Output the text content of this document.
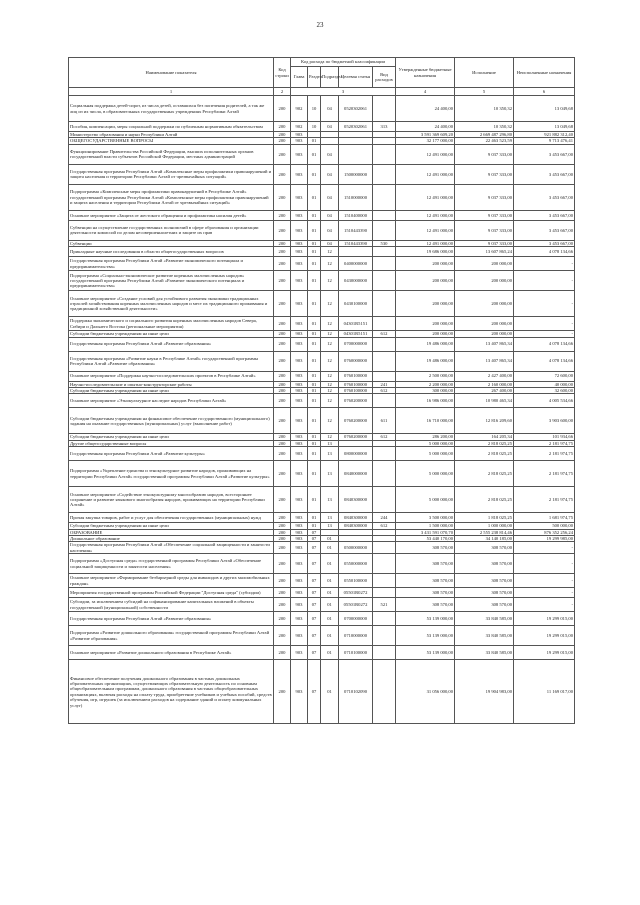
23
Наименование показателя	Код строки	Код расхода по бюджетной классификации					Утвержденные бюджетные назначения	Исполнение	Неисполненные назначения
		Глава	Раздел	Подраздел	Целевая статья	Вид расходов			
1	2	3					4	5	6
Социальная поддержка детей-сирот, из числа детей, оставшихся без попечения родителей, а так же лиц из их числа, в образовательных государственных учреждениях Республики Алтай	200	902	10	04	0520302061		24 400,00	10 350,32	13 049,68
Пособия, компенсации, меры социальной поддержки по публичным нормативным обязательствам	200	902	10	04	0520302061	313	24 400,00	10 350,32	13 049,68
Министерство образования и науки Республики Алтай	200	903					3 591 369 609,20	2 669 487 296,80	921 882 312,40
ОБЩЕГОСУДАРСТВЕННЫЕ ВОПРОСЫ	200	903	01				32 177 000,00	22 463 523,59	9 713 476,41
Функционирование Правительства Российской Федерации, высших исполнительных органов государственной власти субъектов Российской Федерации, местных администраций	200	903	01	04			12 491 000,00	9 037 333,00	3 453 667,00
Государственная программа Республики Алтай «Комплексные меры профилактики правонарушений и защита населения и территории Республики Алтай от чрезвычайных ситуаций»	200	903	01	04	1500000000		12 491 000,00	9 037 333,00	3 453 667,00
Подпрограмма «Комплексные меры профилактики правонарушений в Республике Алтай» государственной программы Республики Алтай «Комплексные меры профилактики правонарушений и защита населения и территории Республики Алтай от чрезвычайных ситуаций»	200	903	01	04	1510000000		12 491 000,00	9 037 333,00	3 453 667,00
Основное мероприятие «Защита от жестокого обращения и профилактика насилия детей»	200	903	01	04	1510400000		12 491 000,00	9 037 333,00	3 453 667,00
Субвенции на осуществление государственных полномочий в сфере образования и организации деятельности комиссий по делам несовершеннолетних и защите их прав	200	903	01	04	1510443390		12 491 000,00	9 037 333,00	3 453 667,00
Субвенции	200	903	01	04	1510443390	530	12 491 000,00	9 037 333,00	3 453 667,00
Прикладные научные исследования в области общегосударственных вопросов	200	903	01	12			19 686 000,00	13 607 865,24	4 078 134,66
Государственная программа Республики Алтай «Развитие экономического потенциала и предпринимательства»	200	903	01	12	0400000000		200 000,00	200 000,00	-
Подпрограмма «Социально-экономическое развитие коренных малочисленных народов» государственной программы Республики Алтай «Развитие экономического потенциала и предпринимательства»	200	903	01	12	0430000000		200 000,00	200 000,00	-
Основное мероприятие «Создание условий для устойчивого развития экономики традиционных отраслей хозяйствования коренных малочисленных народов и мест их традиционного проживания и традиционной хозяйственной деятельности»	200	903	01	12	0430100000		200 000,00	200 000,00	-
Поддержка экономического и социального развития коренных малочисленных народов Севера, Сибири и Дальнего Востока (региональные мероприятия)	200	903	01	12	04301R5151		200 000,00	200 000,00	-
Субсидии бюджетным учреждениям на иные цели	200	903	01	12	04301R5151	612	200 000,00	200 000,00	-
Государственная программа Республики Алтай «Развитие образования»	200	903	01	12	0700000000		19 486 000,00	13 407 865,34	4 078 134,66
Государственная программа «Развитие науки в Республике Алтай» государственной программы Республики Алтай «Развитие образования»	200	903	01	12	0760000000		19 486 000,00	13 407 865,34	4 078 134,66
Основное мероприятие «Поддержка научно-исследовательских проектов в Республике Алтай»	200	903	01	12	0760100000		2 500 000,00	2 427 400,00	72 600,00
Научно-исследовательские и опытно-конструкторские работы	200	903	01	12	0760100000	241	2 200 000,00	2 160 000,00	40 000,00
Субсидии бюджетным учреждениям на иные цели	200	903	01	12	0760100000	612	300 000,00	267 400,00	32 600,00
Основное мероприятие «Этнокультурное наследие народов Республики Алтай»	200	903	01	12	0760200000		16 986 000,00	10 980 465,34	4 005 534,66
Субсидии бюджетным учреждениям на финансовое обеспечение государственного (муниципального) задания на оказание государственных (муниципальных) услуг (выполнение работ)	200	903	01	12	0760200000	611	16 710 000,00	12 816 209,60	3 903 600,00
Субсидии бюджетным учреждениям на иные цели	200	903	01	12	0760200000	612	286 200,00	164 205,34	101 934,66
Другие общегосударственные вопросы	200	903	01	13			5 000 000,00	2 818 025,25	2 181 974,75
Государственная программа Республики Алтай «Развитие культуры»	200	903	01	13	0800000000		5 000 000,00	2 818 025,25	2 181 974,75
Подпрограмма «Укрепление единства и этнокультурное развитие народов, проживающих на территории Республики Алтай» государственной программы Республики Алтай «Развитие культуры»	200	903	01	13	0840000000		5 000 000,00	2 818 025,25	2 181 974,75
Основное мероприятие «Содействие этнокультурному многообразию народов, всестороннее сохранение и развитие языкового многообразия народов, проживающих на территории Республики Алтай»	200	903	01	13	0840300000		5 000 000,00	2 818 025,25	2 181 974,75
Прочая закупка товаров, работ и услуг для обеспечения государственных (муниципальных) нужд	200	903	01	13	0840300000	244	3 500 000,00	1 818 025,25	1 681 974,75
Субсидии бюджетным учреждениям на иные цели	200	903	01	13	0840300000	612	1 500 000,00	1 000 000,00	500 000,00
ОБРАЗОВАНИЕ	200	903	07				3 431 591 070,70	2 555 238 814,46	876 352 256,24
Дошкольное образование	200	903	07	01			53 440 170,00	34 140 185,00	19 299 985,00
Государственная программа Республики Алтай «Обеспечение социальной защищенности и занятости населения»	200	903	07	01	0500000000		308 570,00	308 570,00	-
Подпрограмма «Доступная среда» государственной программы Республики Алтай «Обеспечение социальной защищенности и занятости населения»	200	903	07	01	0550000000		308 570,00	308 570,00	-
Основное мероприятие «Формирование безбарьерной среды для инвалидов и других маломобильных граждан»	200	903	07	01	0550100000		308 570,00	308 570,00	-
Мероприятия государственной программы Российской Федерации "Доступная среда" (субсидии)	200	903	07	01	05501R0272		308 570,00	308 570,00	-
Субсидии, за исключением субсидий на софинансирование капитальных вложений в объекты государственной (муниципальной) собственности	200	903	07	01	05501R0272	521	308 570,00	308 570,00	-
Государственная программа Республики Алтай «Развитие образования»	200	903	07	01	0700000000		53 139 000,00	33 840 585,00	19 299 015,00
Подпрограмма «Развитие дошкольного образования» государственной программы Республики Алтай «Развитие образования»	200	903	07	01	0710000000		53 139 000,00	33 840 585,00	19 299 015,00
Основное мероприятие «Развитие дошкольного образования в Республике Алтай»	200	903	07	01	0710100000		53 139 000,00	33 840 585,00	19 299 015,00
Финансовое обеспечение получения дошкольного образования в частных дошкольных образовательных организациях, осуществляющих образовательную деятельность по основным общеобразовательным программам, дошкольного образования в частных общеобразовательных организациях, включая расходы на оплату труда, приобретение учебников и учебных пособий, средств обучения, игр, игрушек (за исключением расходов на содержание зданий и оплату коммунальных услуг)	200	903	07	01	0710102090		31 056 000,00	19 904 983,00	11 169 017,00
